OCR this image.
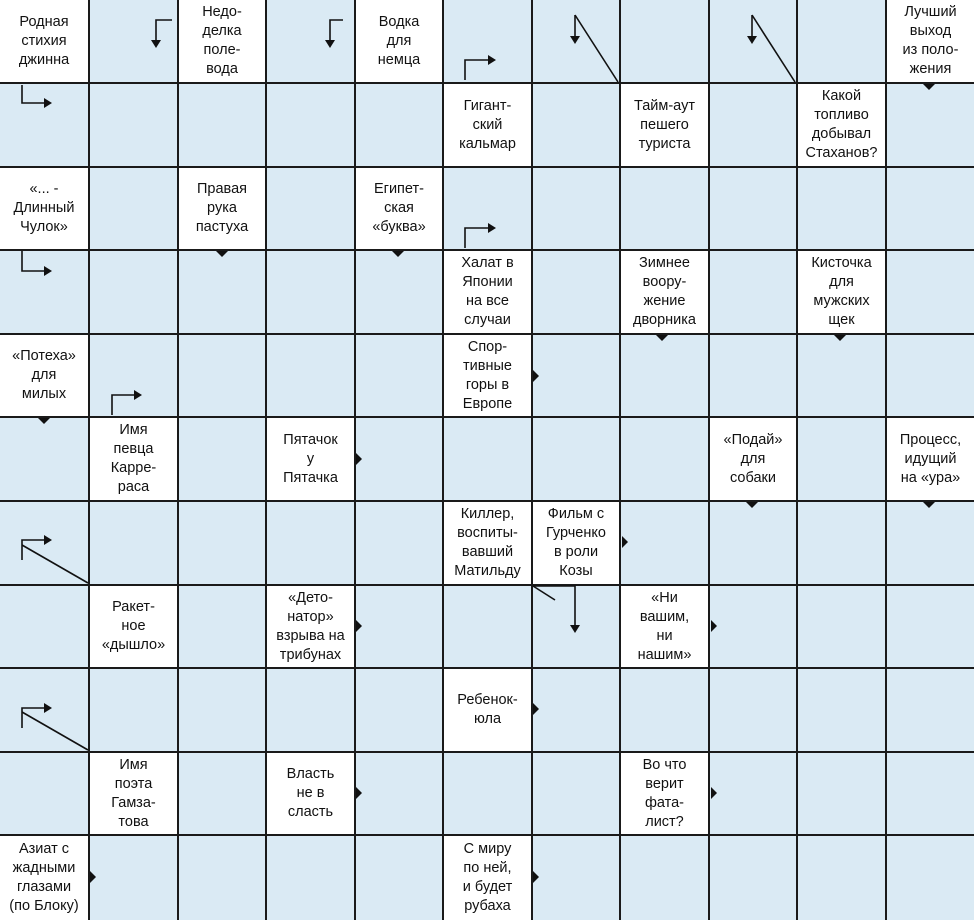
Родная
стихия
джинна
Недо-
делка
поле-
вода
Водка
для
немца
Лучший
выход
из поло-
жения
Гигант-
ский
кальмар
Тайм-аут
пешего
туриста
Какой
топливо
добывал
Стаханов?
«... -
Длинный
Чулок»
Правая
рука
пастуха
Египет-
ская
«буква»
Халат в
Японии
на все
случаи
Зимнее
воору-
жение
дворника
Кисточка
для
мужских
щек
«Потеха»
для
милых
Спор-
тивные
горы в
Европе
Имя
певца
Карре-
раса
Пятачок
у
Пятачка
«Подай»
для
собаки
Процесс,
идущий
на «ура»
Киллер,
воспиты-
вавший
Матильду
Фильм с
Гурченко
в роли
Козы
Ракет-
ное
«дышло»
«Дето-
натор»
взрыва на
трибунах
«Ни
вашим,
ни
нашим»
Ребенок-
юла
Имя
поэта
Гамза-
това
Власть
не в
сласть
Во что
верит
фата-
лист?
Азиат с
жадными
глазами
(по Блоку)
С миру
по ней,
и будет
рубаха
